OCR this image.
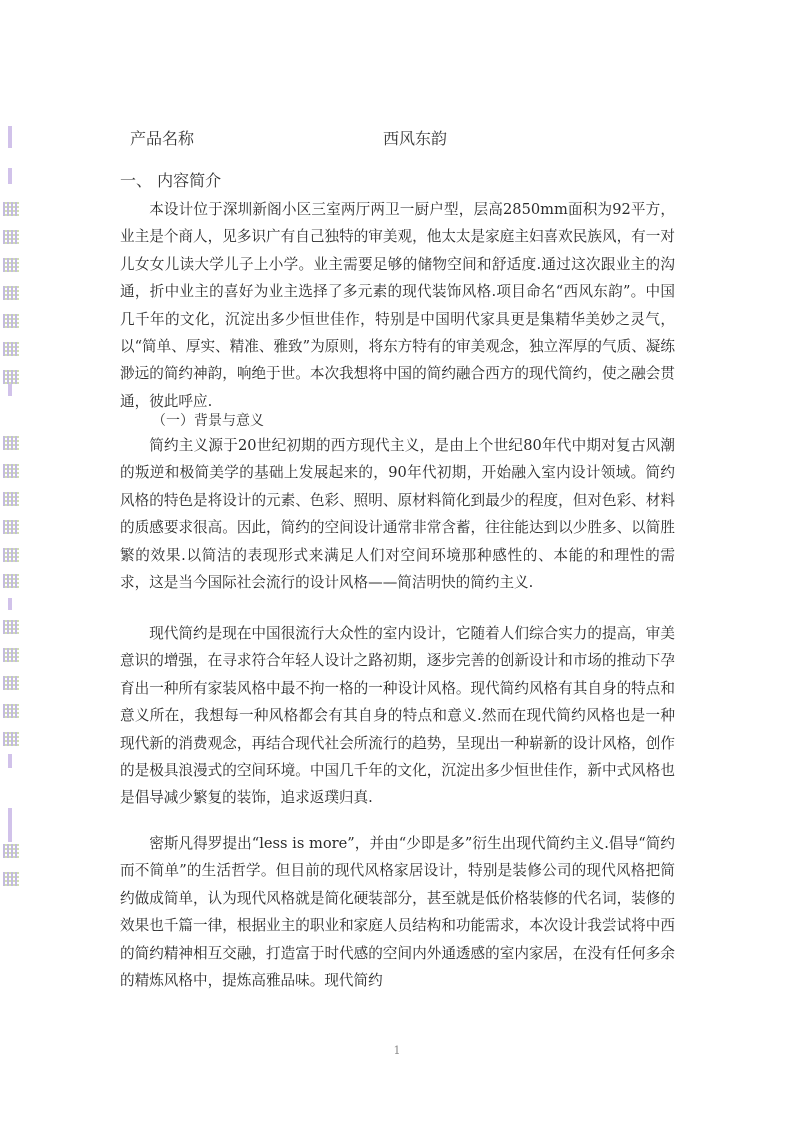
产品名称	西风东韵
一、 内容简介

本设计位于深圳新阁小区三室两厅两卫一厨户型，层高2850mm面积为92平方，业主是个商人，见多识广有自己独特的审美观，他太太是家庭主妇喜欢民族风，有一对儿女女儿读大学儿子上小学。业主需要足够的储物空间和舒适度.通过这次跟业主的沟通，折中业主的喜好为业主选择了多元素的现代装饰风格.项目命名“西风东韵”。中国几千年的文化，沉淀出多少恒世佳作，特别是中国明代家具更是集精华美妙之灵气，以“简单、厚实、精准、雅致”为原则，将东方特有的审美观念，独立浑厚的气质、凝练渺远的简约神韵，响绝于世。本次我想将中国的简约融合西方的现代简约，使之融会贯通，彼此呼应.

（一）背景与意义

简约主义源于20世纪初期的西方现代主义，是由上个世纪80年代中期对复古风潮的叛逆和极简美学的基础上发展起来的，90年代初期，开始融入室内设计领域。简约风格的特色是将设计的元素、色彩、照明、原材料简化到最少的程度，但对色彩、材料的质感要求很高。因此，简约的空间设计通常非常含蓄，往往能达到以少胜多、以简胜繁的效果.以简洁的表现形式来满足人们对空间环境那种感性的、本能的和理性的需求，这是当今国际社会流行的设计风格——简洁明快的简约主义.

现代简约是现在中国很流行大众性的室内设计，它随着人们综合实力的提高，审美意识的增强，在寻求符合年轻人设计之路初期，逐步完善的创新设计和市场的推动下孕育出一种所有家装风格中最不拘一格的一种设计风格。现代简约风格有其自身的特点和意义所在，我想每一种风格都会有其自身的特点和意义.然而在现代简约风格也是一种现代新的消费观念，再结合现代社会所流行的趋势，呈现出一种崭新的设计风格，创作的是极具浪漫式的空间环境。中国几千年的文化，沉淀出多少恒世佳作，新中式风格也是倡导减少繁复的装饰，追求返璞归真.

密斯凡得罗提出“less is more”，并由“少即是多”衍生出现代简约主义.倡导“简约而不简单”的生活哲学。但目前的现代风格家居设计，特别是装修公司的现代风格把简约做成简单，认为现代风格就是简化硬装部分，甚至就是低价格装修的代名词，装修的效果也千篇一律，根据业主的职业和家庭人员结构和功能需求，本次设计我尝试将中西的简约精神相互交融，打造富于时代感的空间内外通透感的室内家居，在没有任何多余的精炼风格中，提炼高雅品味。现代简约

1
